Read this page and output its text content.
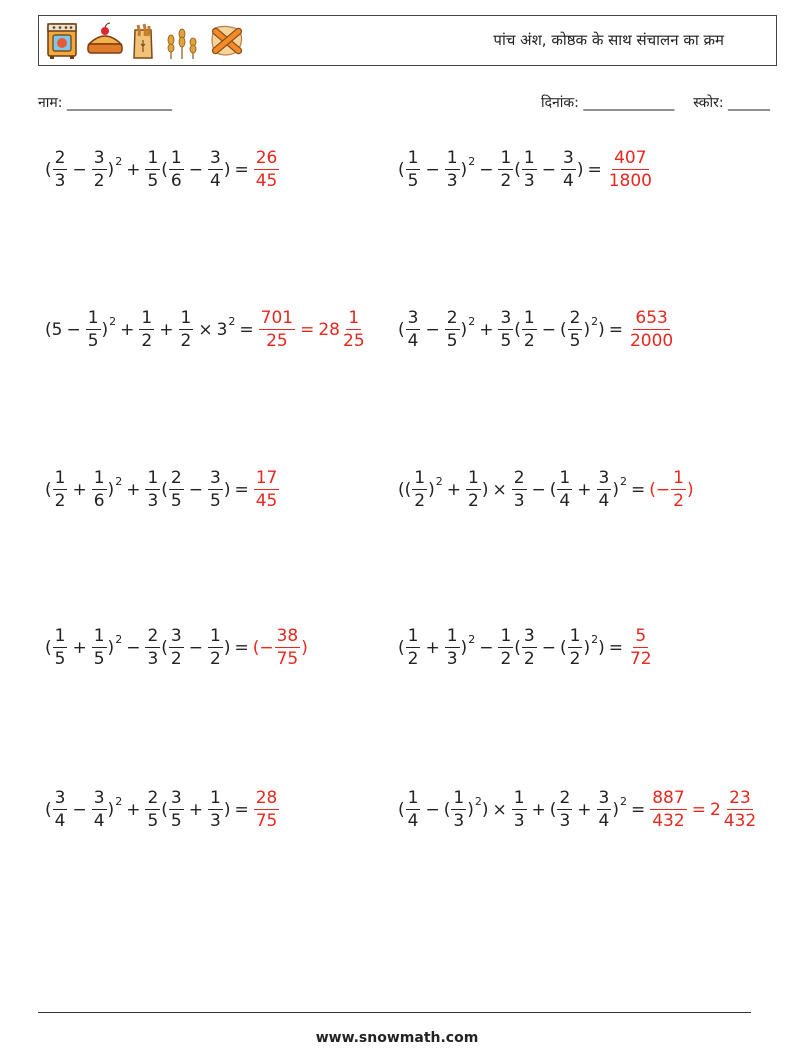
पांच अंश, कोष्ठक के साथ संचालन का क्रम
नाम: _______________	दिनांक: _____________ स्कोर: ______
( $\frac{2}{3} - \frac{3}{2}$ ) $2 + \frac{1}{5}$ ( $\frac{1}{6} - \frac{3}{4}$ ) = $\frac{26}{45}$	( $\frac{1}{5} - \frac{1}{3}$ ) $2 - \frac{1}{2}$ ( $\frac{1}{3} - \frac{3}{4}$ ) = $\frac{407}{1800}$
($5 - \frac{1}{5}$ ) $2 + \frac{1}{2} + \frac{1}{2} \times 3$ $2 = \frac{701}{25} = 28 \frac{1}{25}$ ( $\frac{3}{4} - \frac{2}{5}$ ) $2 + \frac{3}{5}$ ( $\frac{1}{2}$ − ( $\frac{2}{5}$ ) 2 ) = $\frac{653}{2000}$
( $\frac{1}{2} + \frac{1}{6}$ ) $2 + \frac{1}{3}$ ( $\frac{2}{5} - \frac{3}{5}$ ) = $\frac{17}{45}$	(( $\frac{1}{2}$ ) $2 + \frac{1}{2}$ ) × $\frac{2}{3}$ − ( $\frac{1}{4} + \frac{3}{4}$ ) 2 = (− $\frac{1}{2}$ )
( $\frac{1}{5} + \frac{1}{5}$ ) $2 - \frac{2}{3}$ ( $\frac{3}{2} - \frac{1}{2}$ ) = (− $\frac{38}{75}$ )	( $\frac{1}{2} + \frac{1}{3}$ ) $2 - \frac{1}{2}$ ( $\frac{3}{2}$ − ( $\frac{1}{2}$ ) 2 ) = $\frac{5}{72}$
( $\frac{3}{4} - \frac{3}{4}$ ) $2 + \frac{2}{5}$ ( $\frac{3}{5} + \frac{1}{3}$ ) = $\frac{28}{75}$	( $\frac{1}{4}$ − ( $\frac{1}{3}$ ) 2 ) × $\frac{1}{3}$ + ( $\frac{2}{3} + \frac{3}{4}$ ) $2 = \frac{887}{432} = 2 \frac{23}{432}$
www.snowmath.com
